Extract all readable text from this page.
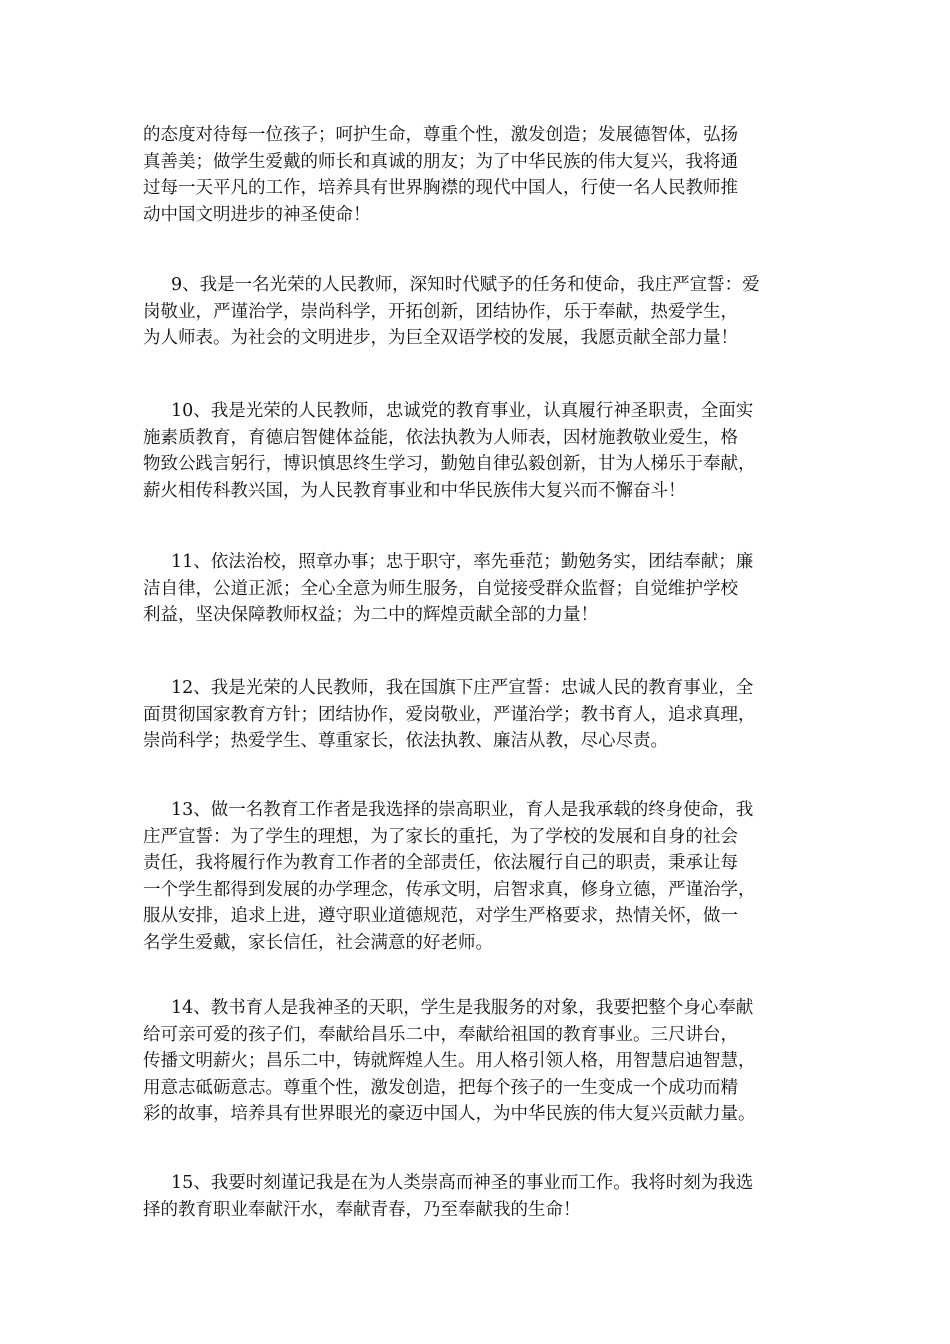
的态度对待每一位孩子；呵护生命，尊重个性，激发创造；发展德智体，弘扬
真善美；做学生爱戴的师长和真诚的朋友；为了中华民族的伟大复兴，我将通
过每一天平凡的工作，培养具有世界胸襟的现代中国人，行使一名人民教师推
动中国文明进步的神圣使命！
9、我是一名光荣的人民教师，深知时代赋予的任务和使命，我庄严宣誓：爱
岗敬业，严谨治学，崇尚科学，开拓创新，团结协作，乐于奉献，热爱学生，
为人师表。为社会的文明进步，为巨全双语学校的发展，我愿贡献全部力量！
10、我是光荣的人民教师，忠诚党的教育事业，认真履行神圣职责，全面实
施素质教育，育德启智健体益能，依法执教为人师表，因材施教敬业爱生，格
物致公践言躬行，博识慎思终生学习，勤勉自律弘毅创新，甘为人梯乐于奉献，
薪火相传科教兴国，为人民教育事业和中华民族伟大复兴而不懈奋斗！
11、依法治校，照章办事；忠于职守，率先垂范；勤勉务实，团结奉献；廉
洁自律，公道正派；全心全意为师生服务，自觉接受群众监督；自觉维护学校
利益，坚决保障教师权益；为二中的辉煌贡献全部的力量！
12、我是光荣的人民教师，我在国旗下庄严宣誓：忠诚人民的教育事业，全
面贯彻国家教育方针；团结协作，爱岗敬业，严谨治学；教书育人，追求真理，
崇尚科学；热爱学生、尊重家长，依法执教、廉洁从教，尽心尽责。
13、做一名教育工作者是我选择的崇高职业，育人是我承载的终身使命，我
庄严宣誓：为了学生的理想，为了家长的重托，为了学校的发展和自身的社会
责任，我将履行作为教育工作者的全部责任，依法履行自己的职责，秉承让每
一个学生都得到发展的办学理念，传承文明，启智求真，修身立德，严谨治学，
服从安排，追求上进，遵守职业道德规范，对学生严格要求，热情关怀，做一
名学生爱戴，家长信任，社会满意的好老师。
14、教书育人是我神圣的天职，学生是我服务的对象，我要把整个身心奉献
给可亲可爱的孩子们，奉献给昌乐二中，奉献给祖国的教育事业。三尺讲台，
传播文明薪火；昌乐二中，铸就辉煌人生。用人格引领人格，用智慧启迪智慧，
用意志砥砺意志。尊重个性，激发创造，把每个孩子的一生变成一个成功而精
彩的故事，培养具有世界眼光的豪迈中国人，为中华民族的伟大复兴贡献力量。
15、我要时刻谨记我是在为人类崇高而神圣的事业而工作。我将时刻为我选
择的教育职业奉献汗水，奉献青春，乃至奉献我的生命！
